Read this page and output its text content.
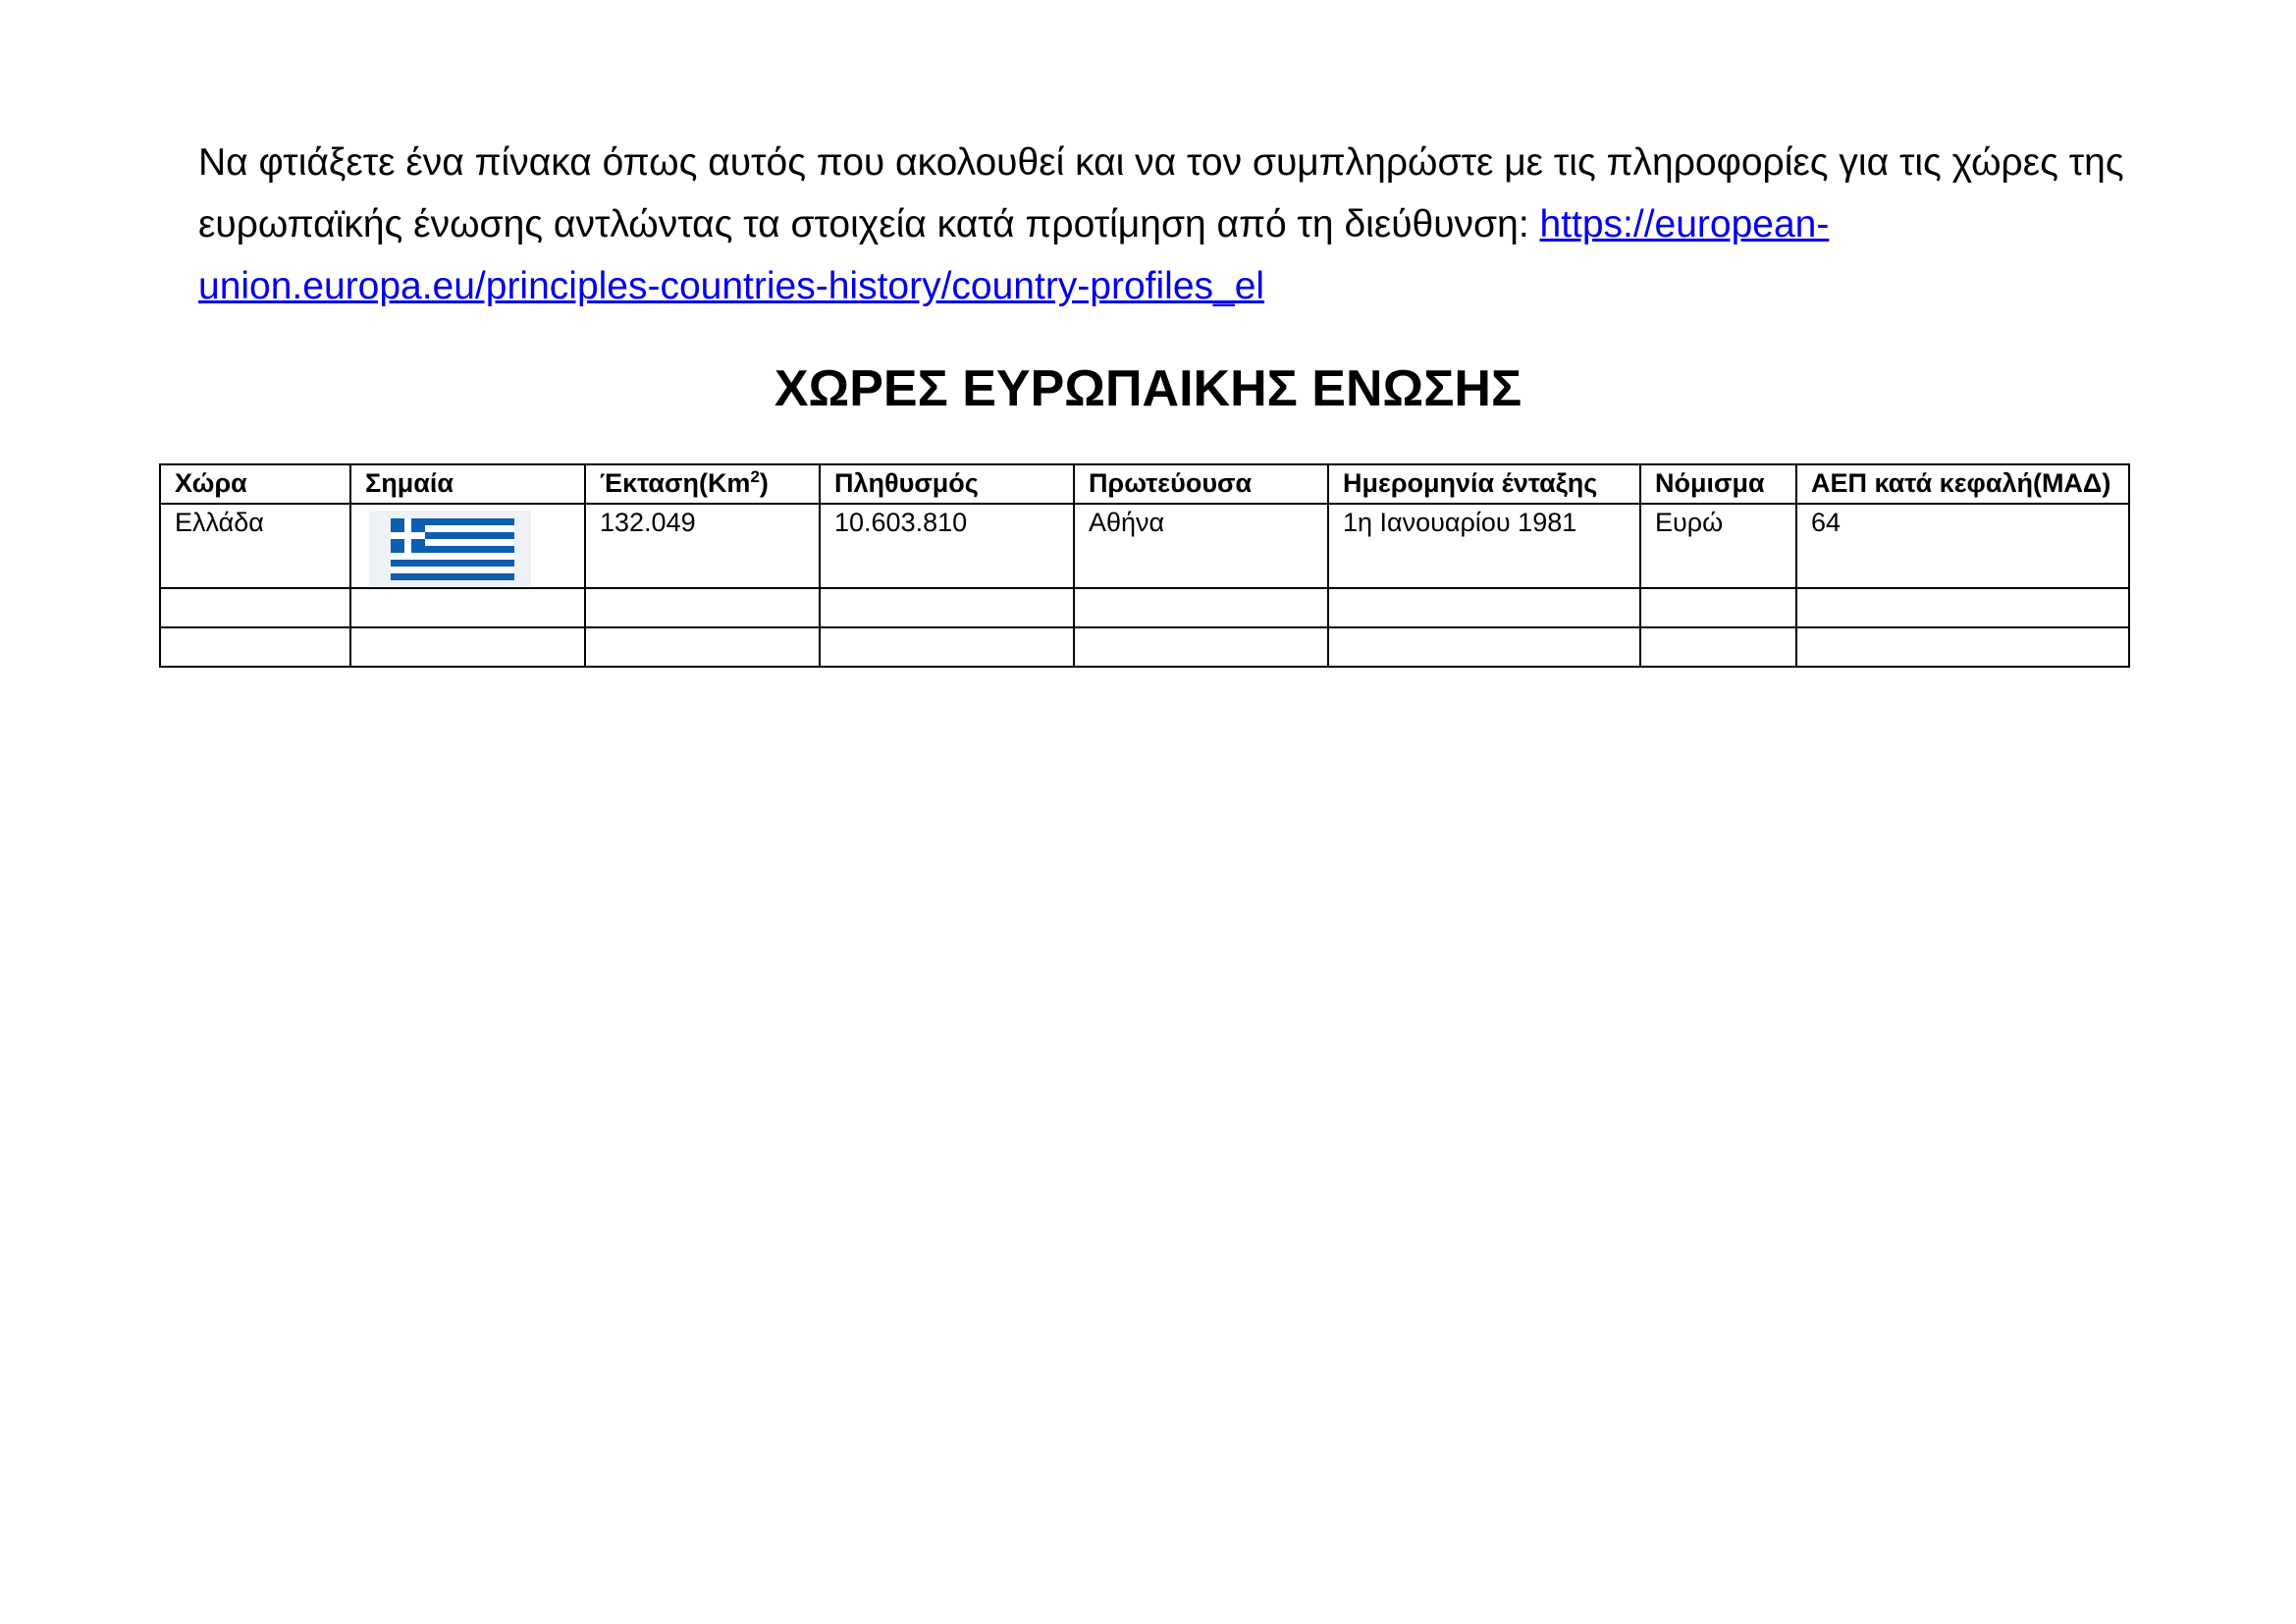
Να φτιάξετε ένα πίνακα όπως αυτός που ακολουθεί και να τον συμπληρώστε με τις πληροφορίες για τις χώρες της ευρωπαϊκής ένωσης αντλώντας τα στοιχεία κατά προτίμηση από τη διεύθυνση: https://european-
union.europa.eu/principles-countries-history/country-profiles_el
ΧΩΡΕΣ ΕΥΡΩΠΑΙΚΗΣ ΕΝΩΣΗΣ
Χώρα	Σημαία	Έκταση(Km$^2$)	Πληθυσμός	Πρωτεύουσα	Ημερομηνία ένταξης	Νόμισμα	ΑΕΠ κατά κεφαλή(ΜΑΔ)
Ελλάδα		132.049	10.603.810	Αθήνα	1η Ιανουαρίου 1981	Ευρώ	64
